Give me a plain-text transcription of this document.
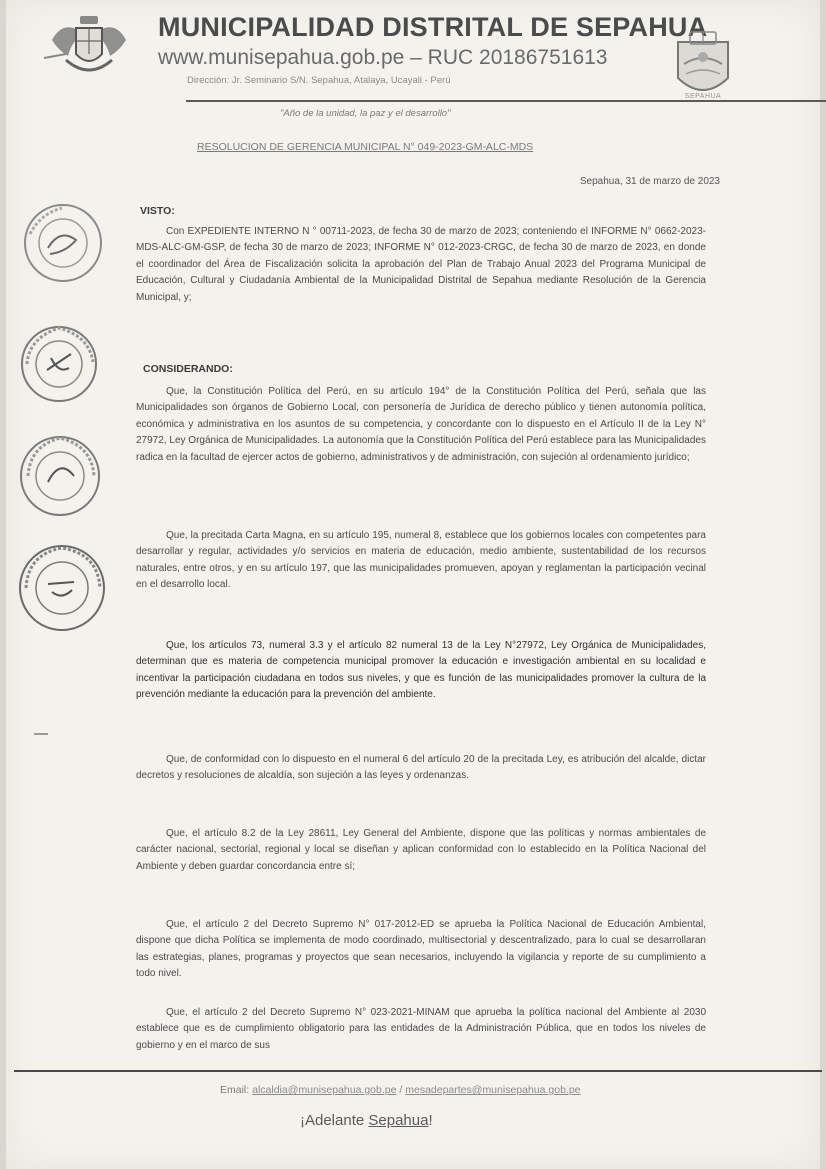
MUNICIPALIDAD DISTRITAL DE SEPAHUA
www.munisepahua.gob.pe – RUC 20186751613
Dirección: Jr. Seminario S/N. Sepahua, Atalaya, Ucayali - Perú
SEPAHUA
"Año de la unidad, la paz y el desarrollo"
RESOLUCION DE GERENCIA MUNICIPAL N° 049-2023-GM-ALC-MDS
Sepahua, 31 de marzo de 2023
VISTO:
Con EXPEDIENTE INTERNO N ° 00711-2023, de fecha 30 de marzo de 2023; conteniendo el INFORME N° 0662-2023-MDS-ALC-GM-GSP, de fecha 30 de marzo de 2023; INFORME N° 012-2023-CRGC, de fecha 30 de marzo de 2023, en donde el coordinador del Área de Fiscalización solicita la aprobación del Plan de Trabajo Anual 2023 del Programa Municipal de Educación, Cultural y Ciudadanía Ambiental de la Municipalidad Distrital de Sepahua mediante Resolución de la Gerencia Municipal, y;
CONSIDERANDO:
Que, la Constitución Política del Perú, en su artículo 194° de la Constitución Política del Perú, señala que las Municipalidades son órganos de Gobierno Local, con personería de Jurídica de derecho público y tienen autonomía política, económica y administrativa en los asuntos de su competencia, y concordante con lo dispuesto en el Artículo II de la Ley N° 27972, Ley Orgánica de Municipalidades. La autonomía que la Constitución Política del Perú establece para las Municipalidades radica en la facultad de ejercer actos de gobierno, administrativos y de administración, con sujeción al ordenamiento jurídico;
Que, la precitada Carta Magna, en su artículo 195, numeral 8, establece que los gobiernos locales con competentes para desarrollar y regular, actividades y/o servicios en materia de educación, medio ambiente, sustentabilidad de los recursos naturales, entre otros, y en su artículo 197, que las municipalidades promueven, apoyan y reglamentan la participación vecinal en el desarrollo local.
Que, los artículos 73, numeral 3.3 y el artículo 82 numeral 13 de la Ley N°27972, Ley Orgánica de Municipalidades, determinan que es materia de competencia municipal promover la educación e investigación ambiental en su localidad e incentivar la participación ciudadana en todos sus niveles, y que es función de las municipalidades promover la cultura de la prevención mediante la educación para la prevención del ambiente.
Que, de conformidad con lo dispuesto en el numeral 6 del artículo 20 de la precitada Ley, es atribución del alcalde, dictar decretos y resoluciones de alcaldía, son sujeción a las leyes y ordenanzas.
Que, el artículo 8.2 de la Ley 28611, Ley General del Ambiente, dispone que las políticas y normas ambientales de carácter nacional, sectorial, regional y local se diseñan y aplican conformidad con lo establecido en la Política Nacional del Ambiente y deben guardar concordancia entre sí;
Que, el artículo 2 del Decreto Supremo N° 017-2012-ED se aprueba la Política Nacional de Educación Ambiental, dispone que dicha Política se implementa de modo coordinado, multisectorial y descentralizado, para lo cual se desarrollaran las estrategias, planes, programas y proyectos que sean necesarios, incluyendo la vigilancia y reporte de su cumplimiento a todo nivel.
Que, el artículo 2 del Decreto Supremo N° 023-2021-MINAM que aprueba la política nacional del Ambiente al 2030 establece que es de cumplimiento obligatorio para las entidades de la Administración Pública, que en todos los niveles de gobierno y en el marco de sus
Email: alcaldia@munisepahua.gob.pe / mesadepartes@munisepahua.gob.pe
¡Adelante Sepahua!
